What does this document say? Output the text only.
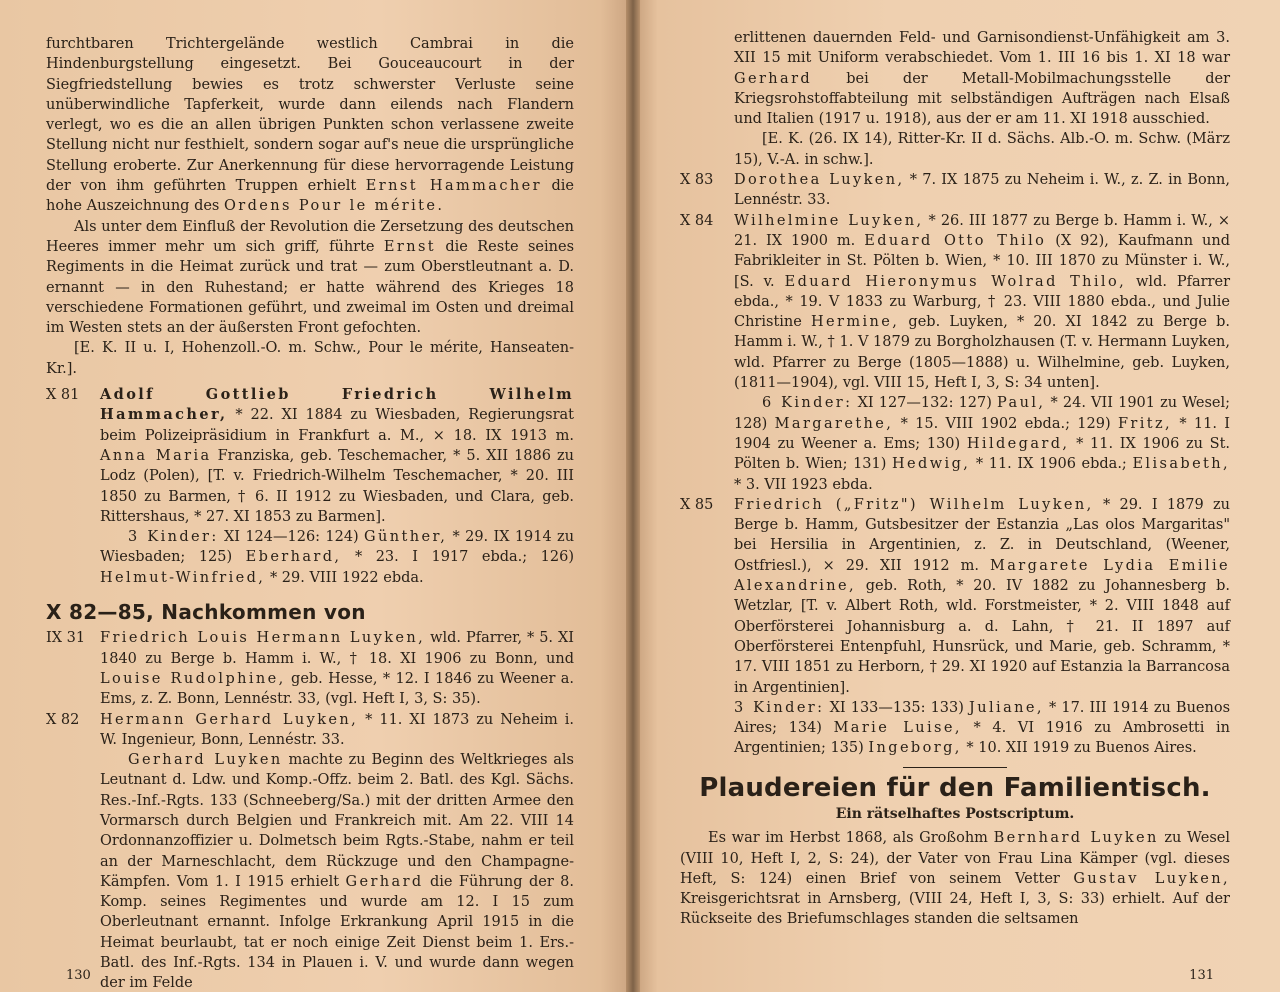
furchtbaren Trichtergelände westlich Cambrai in die Hindenburgstellung eingesetzt. Bei Gouceaucourt in der Siegfriedstellung bewies es trotz schwerster Verluste seine unüberwindliche Tapferkeit, wurde dann eilends nach Flandern verlegt, wo es die an allen übrigen Punkten schon verlassene zweite Stellung nicht nur festhielt, sondern sogar auf's neue die ursprüngliche Stellung eroberte. Zur Anerkennung für diese hervorragende Leistung der von ihm geführten Truppen erhielt Ernst Hammacher die hohe Auszeichnung des Ordens Pour le mérite.

Als unter dem Einfluß der Revolution die Zersetzung des deutschen Heeres immer mehr um sich griff, führte Ernst die Reste seines Regiments in die Heimat zurück und trat — zum Oberstleutnant a. D. ernannt — in den Ruhestand; er hatte während des Krieges 18 verschiedene Formationen geführt, und zweimal im Osten und dreimal im Westen stets an der äußersten Front gefochten.

[E. K. II u. I, Hohenzoll.-O. m. Schw., Pour le mérite, Hanseaten-Kr.].

X 81	Adolf Gottlieb Friedrich Wilhelm Hammacher, * 22. XI 1884 zu Wiesbaden, Regierungsrat beim Polizeipräsidium in Frankfurt a. M., × 18. IX 1913 m. Anna Maria Franziska, geb. Teschemacher, * 5. XII 1886 zu Lodz (Polen), [T. v. Friedrich-Wilhelm Teschemacher, * 20. III 1850 zu Barmen, † 6. II 1912 zu Wiesbaden, und Clara, geb. Rittershaus, * 27. XI 1853 zu Barmen].

3 Kinder: XI 124—126: 124) Günther, * 29. IX 1914 zu Wiesbaden; 125) Eberhard, * 23. I 1917 ebda.; 126) Helmut-Winfried, * 29. VIII 1922 ebda.

X 82—85, Nachkommen von
IX 31	Friedrich Louis Hermann Luyken, wld. Pfarrer, * 5. XI 1840 zu Berge b. Hamm i. W., † 18. XI 1906 zu Bonn, und Louise Rudolphine, geb. Hesse, * 12. I 1846 zu Weener a. Ems, z. Z. Bonn, Lennéstr. 33, (vgl. Heft I, 3, S: 35).

X 82	Hermann Gerhard Luyken, * 11. XI 1873 zu Neheim i. W. Ingenieur, Bonn, Lennéstr. 33.

Gerhard Luyken machte zu Beginn des Weltkrieges als Leutnant d. Ldw. und Komp.-Offz. beim 2. Batl. des Kgl. Sächs. Res.-Inf.-Rgts. 133 (Schneeberg/Sa.) mit der dritten Armee den Vormarsch durch Belgien und Frankreich mit. Am 22. VIII 14 Ordonnanzoffizier u. Dolmetsch beim Rgts.-Stabe, nahm er teil an der Marneschlacht, dem Rückzuge und den Champagne-Kämpfen. Vom 1. I 1915 erhielt Gerhard die Führung der 8. Komp. seines Regimentes und wurde am 12. I 15 zum Oberleutnant ernannt. Infolge Erkrankung April 1915 in die Heimat beurlaubt, tat er noch einige Zeit Dienst beim 1. Ers.-Batl. des Inf.-Rgts. 134 in Plauen i. V. und wurde dann wegen der im Felde

130

erlittenen dauernden Feld- und Garnisondienst-Unfähigkeit am 3. XII 15 mit Uniform verabschiedet. Vom 1. III 16 bis 1. XI 18 war Gerhard bei der Metall-Mobilmachungsstelle der Kriegsrohstoffabteilung mit selbständigen Aufträgen nach Elsaß und Italien (1917 u. 1918), aus der er am 11. XI 1918 ausschied.

[E. K. (26. IX 14), Ritter-Kr. II d. Sächs. Alb.-O. m. Schw. (März 15), V.-A. in schw.].

X 83	Dorothea Luyken, * 7. IX 1875 zu Neheim i. W., z. Z. in Bonn, Lennéstr. 33.

X 84	Wilhelmine Luyken, * 26. III 1877 zu Berge b. Hamm i. W., × 21. IX 1900 m. Eduard Otto Thilo (X 92), Kaufmann und Fabrikleiter in St. Pölten b. Wien, * 10. III 1870 zu Münster i. W., [S. v. Eduard Hieronymus Wolrad Thilo, wld. Pfarrer ebda., * 19. V 1833 zu Warburg, † 23. VIII 1880 ebda., und Julie Christine Hermine, geb. Luyken, * 20. XI 1842 zu Berge b. Hamm i. W., † 1. V 1879 zu Borgholzhausen (T. v. Hermann Luyken, wld. Pfarrer zu Berge (1805—1888) u. Wilhelmine, geb. Luyken, (1811—1904), vgl. VIII 15, Heft I, 3, S: 34 unten].

6 Kinder: XI 127—132: 127) Paul, * 24. VII 1901 zu Wesel; 128) Margarethe, * 15. VIII 1902 ebda.; 129) Fritz, * 11. I 1904 zu Weener a. Ems; 130) Hildegard, * 11. IX 1906 zu St. Pölten b. Wien; 131) Hedwig, * 11. IX 1906 ebda.; Elisabeth, * 3. VII 1923 ebda.

X 85	Friedrich („Fritz") Wilhelm Luyken, * 29. I 1879 zu Berge b. Hamm, Gutsbesitzer der Estanzia „Las olos Margaritas" bei Hersilia in Argentinien, z. Z. in Deutschland, (Weener, Ostfriesl.), × 29. XII 1912 m. Margarete Lydia Emilie Alexandrine, geb. Roth, * 20. IV 1882 zu Johannesberg b. Wetzlar, [T. v. Albert Roth, wld. Forstmeister, * 2. VIII 1848 auf Oberförsterei Johannisburg a. d. Lahn, † 21. II 1897 auf Oberförsterei Entenpfuhl, Hunsrück, und Marie, geb. Schramm, * 17. VIII 1851 zu Herborn, † 29. XI 1920 auf Estanzia la Barrancosa in Argentinien].

3 Kinder: XI 133—135: 133) Juliane, * 17. III 1914 zu Buenos Aires; 134) Marie Luise, * 4. VI 1916 zu Ambrosetti in Argentinien; 135) Ingeborg, * 10. XII 1919 zu Buenos Aires.

Plaudereien für den Familientisch.
Ein rätselhaftes Postscriptum.

Es war im Herbst 1868, als Großohm Bernhard Luyken zu Wesel (VIII 10, Heft I, 2, S: 24), der Vater von Frau Lina Kämper (vgl. dieses Heft, S: 124) einen Brief von seinem Vetter Gustav Luyken, Kreisgerichtsrat in Arnsberg, (VIII 24, Heft I, 3, S: 33) erhielt. Auf der Rückseite des Briefumschlages standen die seltsamen

131
